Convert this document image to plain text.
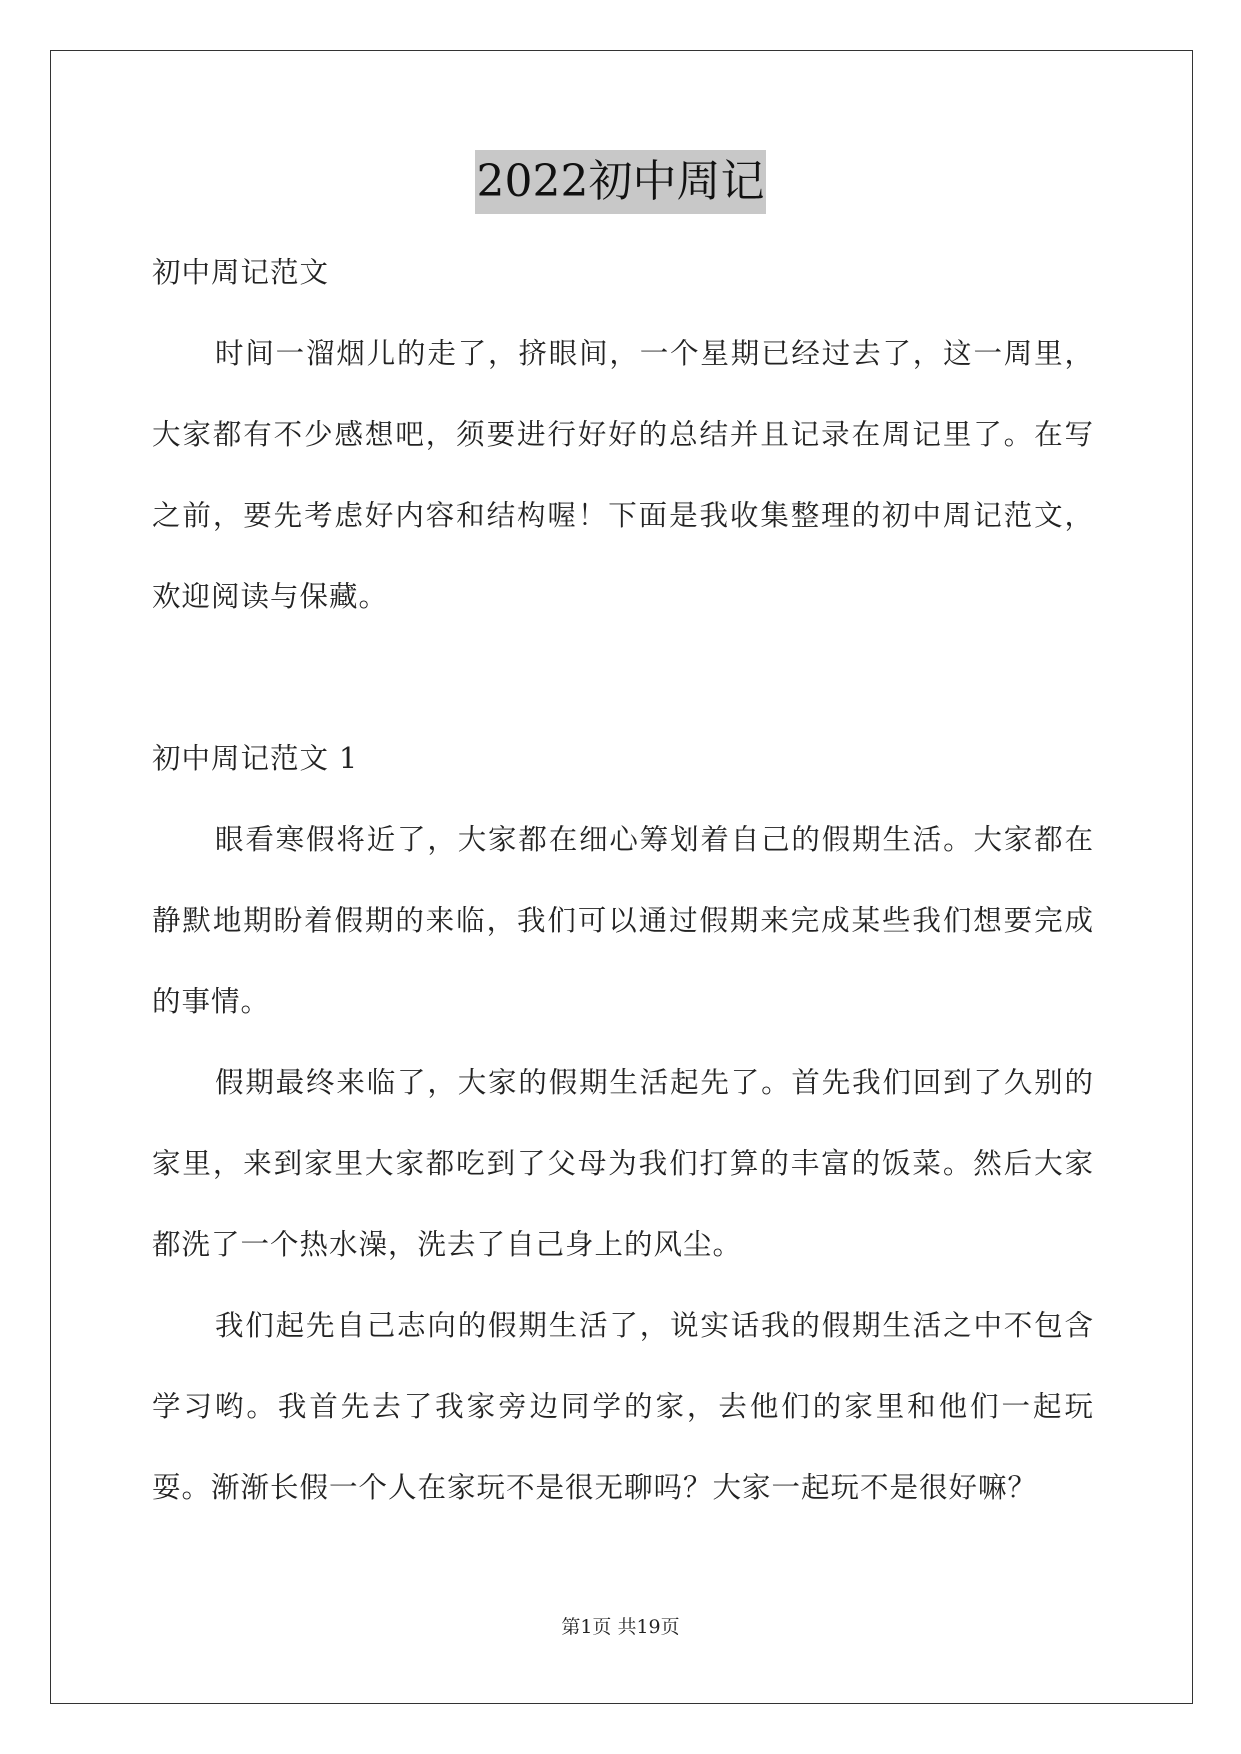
2022初中周记

初中周记范文

时间一溜烟儿的走了，挤眼间，一个星期已经过去了，这一周里，大家都有不少感想吧，须要进行好好的总结并且记录在周记里了。在写之前，要先考虑好内容和结构喔！下面是我收集整理的初中周记范文，欢迎阅读与保藏。

初中周记范文 1

眼看寒假将近了，大家都在细心筹划着自己的假期生活。大家都在静默地期盼着假期的来临，我们可以通过假期来完成某些我们想要完成的事情。

假期最终来临了，大家的假期生活起先了。首先我们回到了久别的家里，来到家里大家都吃到了父母为我们打算的丰富的饭菜。然后大家都洗了一个热水澡，洗去了自己身上的风尘。

我们起先自己志向的假期生活了，说实话我的假期生活之中不包含学习哟。我首先去了我家旁边同学的家，去他们的家里和他们一起玩耍。渐渐长假一个人在家玩不是很无聊吗？大家一起玩不是很好嘛？

第1页 共19页
